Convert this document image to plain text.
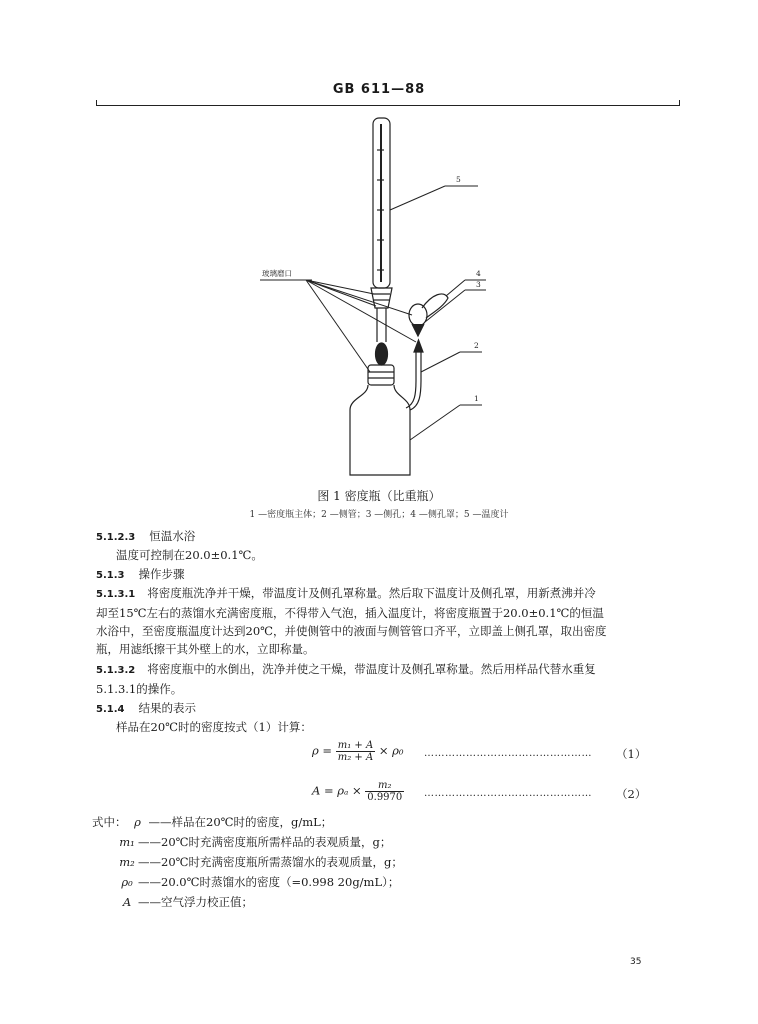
GB 611—88
玻璃磨口
5
4
3
2
1
图 1 密度瓶（比重瓶）
1 —密度瓶主体；2 —侧管；3 —侧孔；4 —侧孔罩；5 —温度计
5.1.2.3 恒温水浴
温度可控制在20.0±0.1℃。
5.1.3 操作步骤
5.1.3.1 将密度瓶洗净并干燥，带温度计及侧孔罩称量。然后取下温度计及侧孔罩，用新煮沸并冷
却至15℃左右的蒸馏水充满密度瓶，不得带入气泡，插入温度计，将密度瓶置于20.0±0.1℃的恒温
水浴中，至密度瓶温度计达到20℃，并使侧管中的液面与侧管管口齐平，立即盖上侧孔罩，取出密度
瓶，用滤纸擦干其外壁上的水，立即称量。
5.1.3.2 将密度瓶中的水倒出，洗净并使之干燥，带温度计及侧孔罩称量。然后用样品代替水重复
5.1.3.1的操作。
5.1.4 结果的表示
样品在20℃时的密度按式（1）计算：
$\rho = \frac{\text{m₁ + A}}{\text{m₂ + A}} \times \rho_0$ ………………………………………… （1）
$A = \rho_a \times \frac{\text{m₂}}{0.9970}$ ………………………………………… （2）
式中： ρ ——样品在20℃时的密度，g/mL；
m₁ ——20℃时充满密度瓶所需样品的表观质量，g；
m₂ ——20℃时充满密度瓶所需蒸馏水的表观质量，g；
ρ₀ ——20.0℃时蒸馏水的密度（=0.998 20g/mL）；
A ——空气浮力校正值；
35
